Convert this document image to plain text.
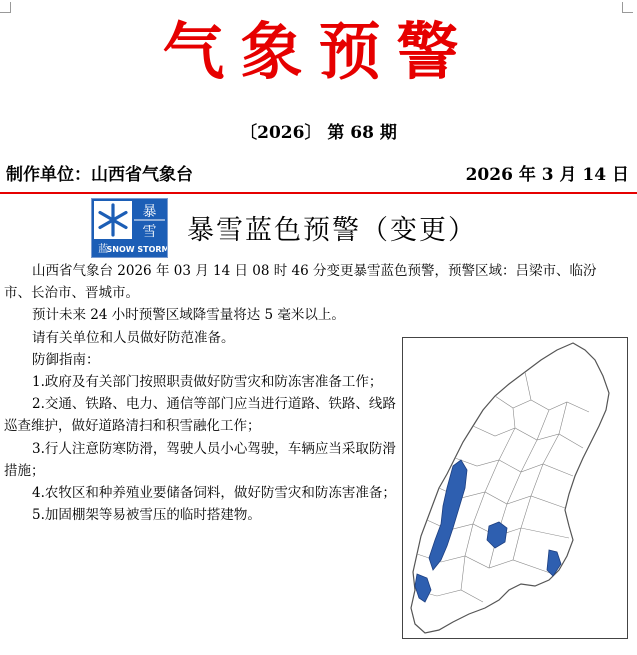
气象预警
〔2026〕 第 68 期
制作单位：山西省气象台	2026 年 3 月 14 日
暴
雪
蓝
SNOW STORM
暴雪蓝色预警（变更）

山西省气象台 2026 年 03 月 14 日 08 时 46 分变更暴雪蓝色预警，预警区域：吕梁市、临汾市、长治市、晋城市。

预计未来 24 小时预警区域降雪量将达 5 毫米以上。

请有关单位和人员做好防范准备。

防御指南：

1.政府及有关部门按照职责做好防雪灾和防冻害准备工作；

2.交通、铁路、电力、通信等部门应当进行道路、铁路、线路巡查维护，做好道路清扫和积雪融化工作；

3.行人注意防寒防滑，驾驶人员小心驾驶，车辆应当采取防滑措施；

4.农牧区和种养殖业要储备饲料，做好防雪灾和防冻害准备；

5.加固棚架等易被雪压的临时搭建物。
